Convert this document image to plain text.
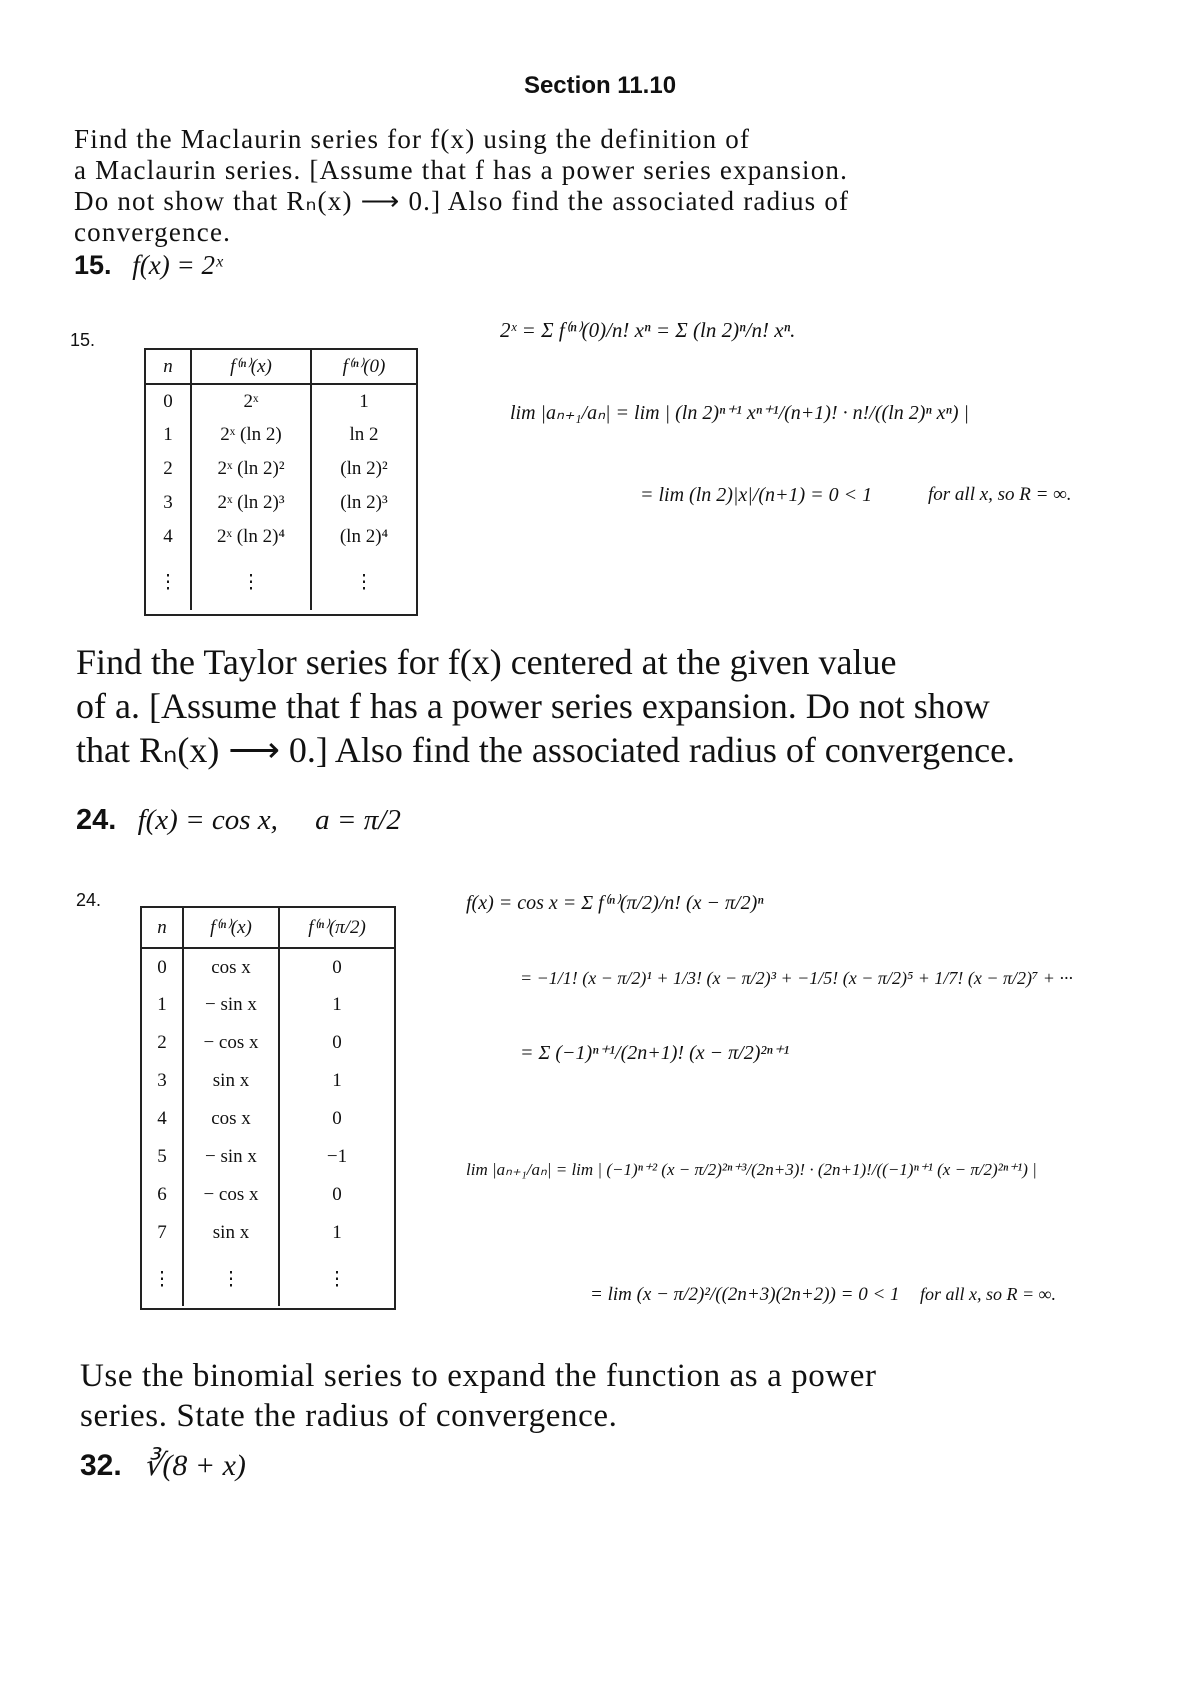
Section 11.10
Find the Maclaurin series for f(x) using the definition of
a Maclaurin series. [Assume that f has a power series expansion.
Do not show that Rₙ(x) ⟶ 0.] Also find the associated radius of
convergence.
15. f(x) = 2ˣ
15.
n	f⁽ⁿ⁾(x)	f⁽ⁿ⁾(0)
0	2ˣ	1
1	2ˣ (ln 2)	ln 2
2	2ˣ (ln 2)²	(ln 2)²
3	2ˣ (ln 2)³	(ln 2)³
4	2ˣ (ln 2)⁴	(ln 2)⁴
⋮	⋮	⋮
2ˣ = Σ f⁽ⁿ⁾(0)/n! xⁿ = Σ (ln 2)ⁿ/n! xⁿ.
lim |aₙ₊₁/aₙ| = lim | (ln 2)ⁿ⁺¹ xⁿ⁺¹/(n+1)! · n!/((ln 2)ⁿ xⁿ) |
= lim (ln 2)|x|/(n+1) = 0 < 1	for all x, so R = ∞.
Find the Taylor series for f(x) centered at the given value
of a. [Assume that f has a power series expansion. Do not show
that Rₙ(x) ⟶ 0.] Also find the associated radius of convergence.
24. f(x) = cos x, a = π/2
24.
n	f⁽ⁿ⁾(x)	f⁽ⁿ⁾(π/2)
0	cos x	0
1	− sin x	1
2	− cos x	0
3	sin x	1
4	cos x	0
5	− sin x	−1
6	− cos x	0
7	sin x	1
⋮	⋮	⋮
f(x) = cos x = Σ f⁽ⁿ⁾(π/2)/n! (x − π/2)ⁿ
= −1/1! (x − π/2)¹ + 1/3! (x − π/2)³ + −1/5! (x − π/2)⁵ + 1/7! (x − π/2)⁷ + ···
= Σ (−1)ⁿ⁺¹/(2n+1)! (x − π/2)²ⁿ⁺¹
lim |aₙ₊₁/aₙ| = lim | (−1)ⁿ⁺² (x − π/2)²ⁿ⁺³/(2n+3)! · (2n+1)!/((−1)ⁿ⁺¹ (x − π/2)²ⁿ⁺¹) |
= lim (x − π/2)²/((2n+3)(2n+2)) = 0 < 1 for all x, so R = ∞.
Use the binomial series to expand the function as a power
series. State the radius of convergence.
32. ∛(8 + x)
